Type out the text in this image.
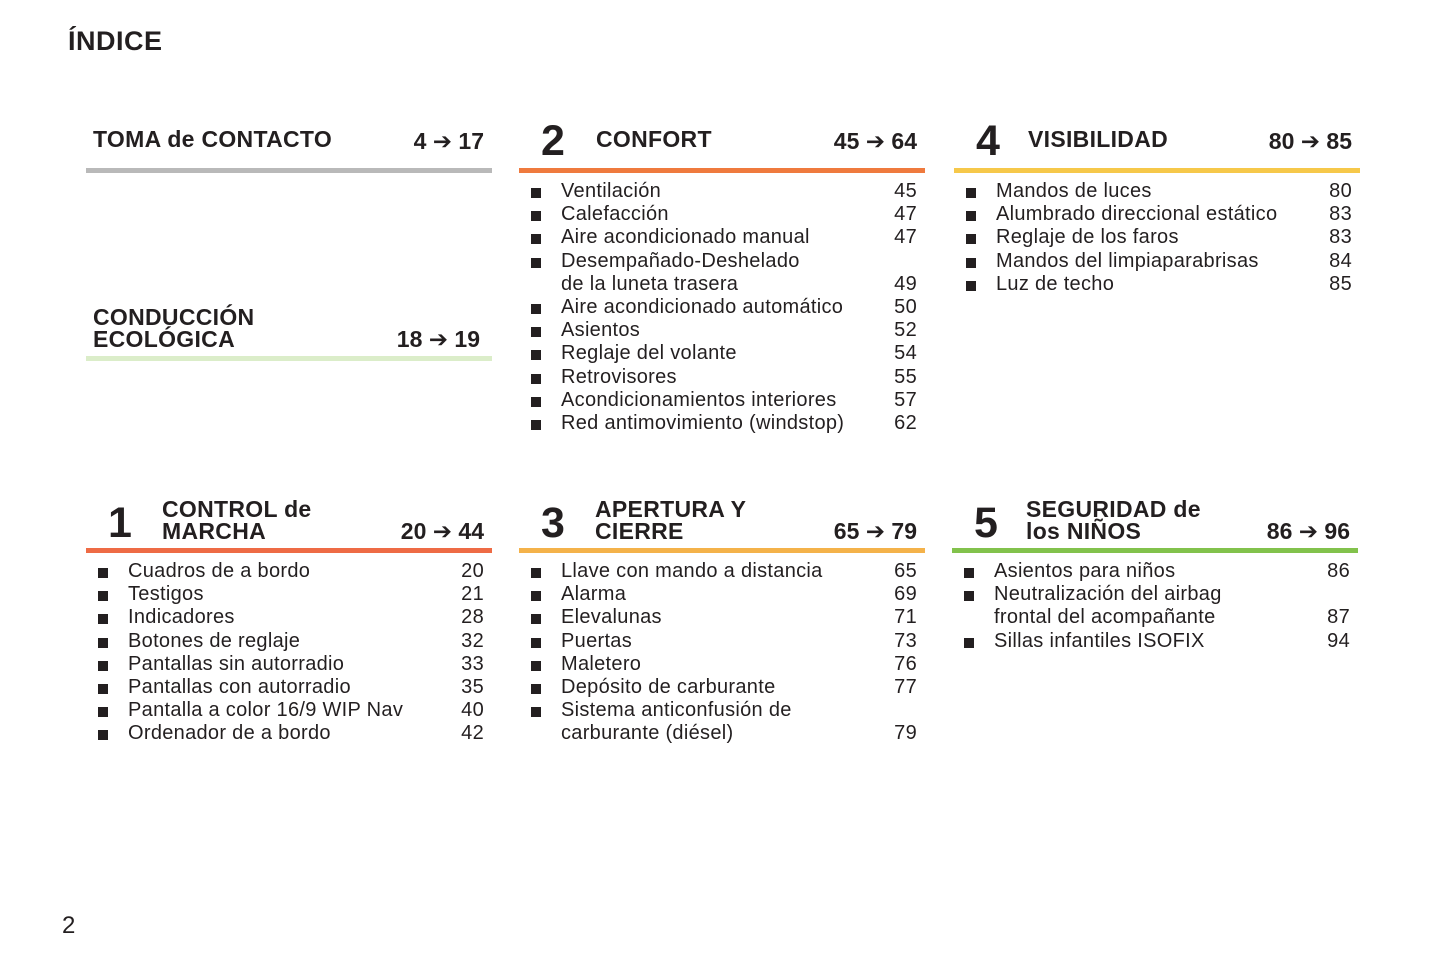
ÍNDICE
TOMA de CONTACTO	4 ➔ 17
CONDUCCIÓN
ECOLÓGICA	18 ➔ 19
2 CONFORT	45 ➔ 64
Ventilación	45
Calefacción	47
Aire acondicionado manual	47
Desempañado-Deshelado
de la luneta trasera	49
Aire acondicionado automático	50
Asientos	52
Reglaje del volante	54
Retrovisores	55
Acondicionamientos interiores	57
Red antimovimiento (windstop) 62
4 VISIBILIDAD	80 ➔ 85
Mandos de luces	80
Alumbrado direccional estático	83
Reglaje de los faros	83
Mandos del limpiaparabrisas	84
Luz de techo	85
1 CONTROL de
MARCHA	20 ➔ 44
Cuadros de a bordo	20
Testigos	21
Indicadores	28
Botones de reglaje	32
Pantallas sin autorradio	33
Pantallas con autorradio	35
Pantalla a color 16/9 WIP Nav	40
Ordenador de a bordo	42
3 APERTURA Y
CIERRE	65 ➔ 79
Llave con mando a distancia	65
Alarma	69
Elevalunas	71
Puertas	73
Maletero	76
Depósito de carburante	77
Sistema anticonfusión de
carburante (diésel)	79
5 SEGURIDAD de
los NIÑOS	86 ➔ 96
Asientos para niños	86
Neutralización del airbag
frontal del acompañante	87
Sillas infantiles ISOFIX	94
2
